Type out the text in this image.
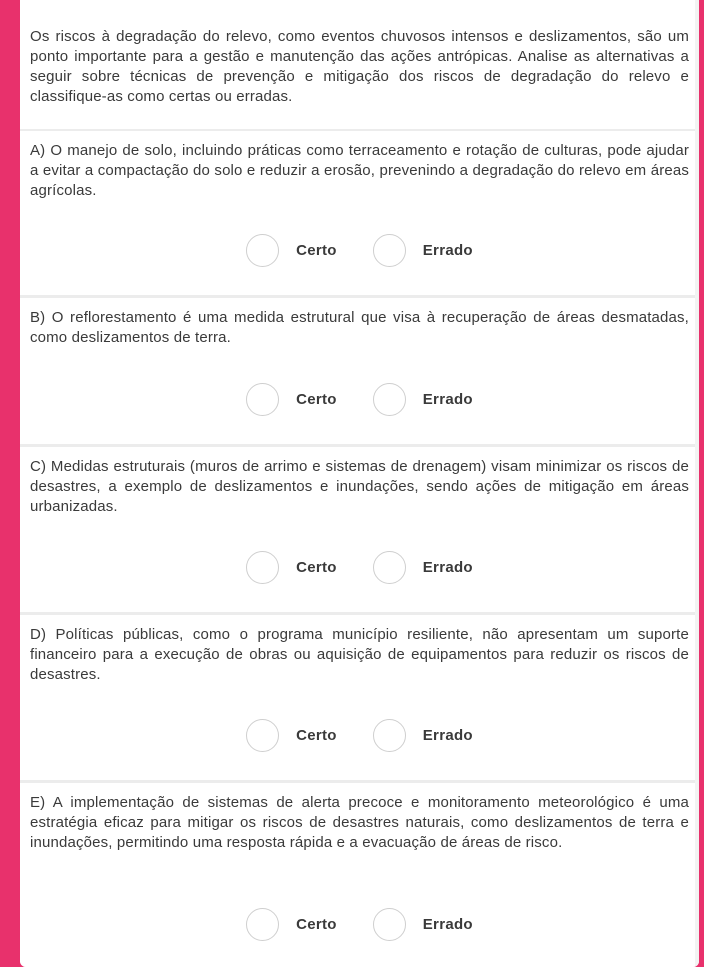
Os riscos à degradação do relevo, como eventos chuvosos intensos e deslizamentos, são um ponto importante para a gestão e manutenção das ações antrópicas. Analise as alternativas a seguir sobre técnicas de prevenção e mitigação dos riscos de degradação do relevo e classifique-as como certas ou erradas.

A) O manejo de solo, incluindo práticas como terraceamento e rotação de culturas, pode ajudar a evitar a compactação do solo e reduzir a erosão, prevenindo a degradação do relevo em áreas agrícolas.

Certo	Errado

B) O reflorestamento é uma medida estrutural que visa à recuperação de áreas desmatadas, como deslizamentos de terra.

Certo	Errado

C) Medidas estruturais (muros de arrimo e sistemas de drenagem) visam minimizar os riscos de desastres, a exemplo de deslizamentos e inundações, sendo ações de mitigação em áreas urbanizadas.

Certo	Errado

D) Políticas públicas, como o programa município resiliente, não apresentam um suporte financeiro para a execução de obras ou aquisição de equipamentos para reduzir os riscos de desastres.

Certo	Errado

E) A implementação de sistemas de alerta precoce e monitoramento meteorológico é uma estratégia eficaz para mitigar os riscos de desastres naturais, como deslizamentos de terra e inundações, permitindo uma resposta rápida e a evacuação de áreas de risco.

Certo	Errado
